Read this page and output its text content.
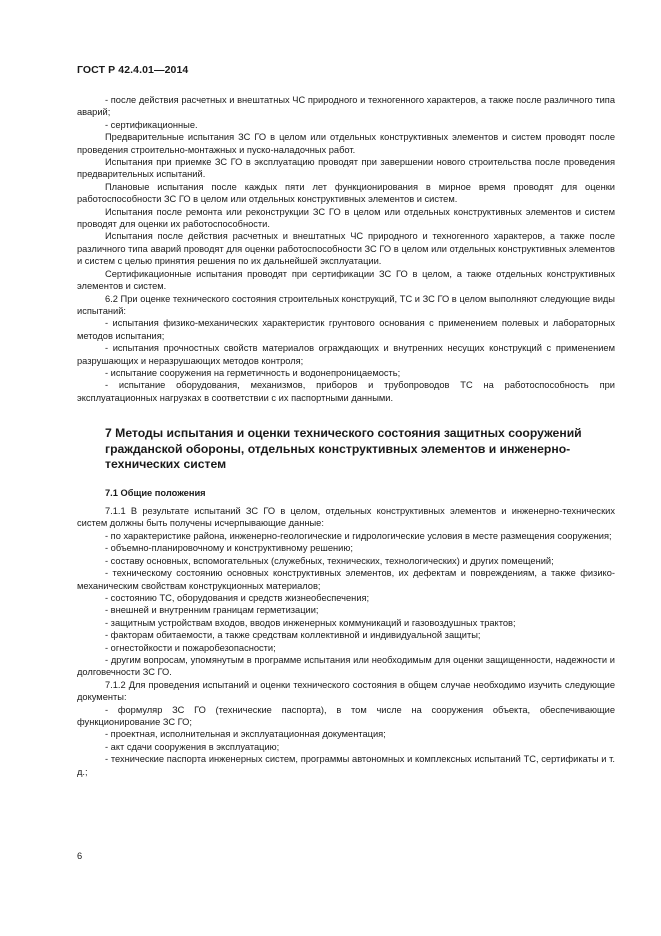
ГОСТ Р 42.4.01—2014

- после действия расчетных и внештатных ЧС природного и техногенного характеров, а также после различного типа аварий;

- сертификационные.

Предварительные испытания ЗС ГО в целом или отдельных конструктивных элементов и систем проводят после проведения строительно-монтажных и пуско-наладочных работ.

Испытания при приемке ЗС ГО в эксплуатацию проводят при завершении нового строительства после проведения предварительных испытаний.

Плановые испытания после каждых пяти лет функционирования в мирное время проводят для оценки работоспособности ЗС ГО в целом или отдельных конструктивных элементов и систем.

Испытания после ремонта или реконструкции ЗС ГО в целом или отдельных конструктивных элементов и систем проводят для оценки их работоспособности.

Испытания после действия расчетных и внештатных ЧС природного и техногенного характеров, а также после различного типа аварий проводят для оценки работоспособности ЗС ГО в целом или отдельных конструктивных элементов и систем с целью принятия решения по их дальнейшей эксплуатации.

Сертификационные испытания проводят при сертификации ЗС ГО в целом, а также отдельных конструктивных элементов и систем.

6.2 При оценке технического состояния строительных конструкций, ТС и ЗС ГО в целом выполняют следующие виды испытаний:

- испытания физико-механических характеристик грунтового основания с применением полевых и лабораторных методов испытания;

- испытания прочностных свойств материалов ограждающих и внутренних несущих конструкций с применением разрушающих и неразрушающих методов контроля;

- испытание сооружения на герметичность и водонепроницаемость;

- испытание оборудования, механизмов, приборов и трубопроводов ТС на работоспособность при эксплуатационных нагрузках в соответствии с их паспортными данными.

7 Методы испытания и оценки технического состояния защитных сооружений гражданской обороны, отдельных конструктивных элементов и инженерно-технических систем
7.1 Общие положения

7.1.1 В результате испытаний ЗС ГО в целом, отдельных конструктивных элементов и инженерно-технических систем должны быть получены исчерпывающие данные:

- по характеристике района, инженерно-геологические и гидрологические условия в месте размещения сооружения;

- объемно-планировочному и конструктивному решению;

- составу основных, вспомогательных (служебных, технических, технологических) и других помещений;

- техническому состоянию основных конструктивных элементов, их дефектам и повреждениям, а также физико-механическим свойствам конструкционных материалов;

- состоянию ТС, оборудования и средств жизнеобеспечения;

- внешней и внутренним границам герметизации;

- защитным устройствам входов, вводов инженерных коммуникаций и газовоздушных трактов;

- факторам обитаемости, а также средствам коллективной и индивидуальной защиты;

- огнестойкости и пожаробезопасности;

- другим вопросам, упомянутым в программе испытания или необходимым для оценки защищенности, надежности и долговечности ЗС ГО.

7.1.2 Для проведения испытаний и оценки технического состояния в общем случае необходимо изучить следующие документы:

- формуляр ЗС ГО (технические паспорта), в том числе на сооружения объекта, обеспечивающие функционирование ЗС ГО;

- проектная, исполнительная и эксплуатационная документация;

- акт сдачи сооружения в эксплуатацию;

- технические паспорта инженерных систем, программы автономных и комплексных испытаний ТС, сертификаты и т. д.;

6
